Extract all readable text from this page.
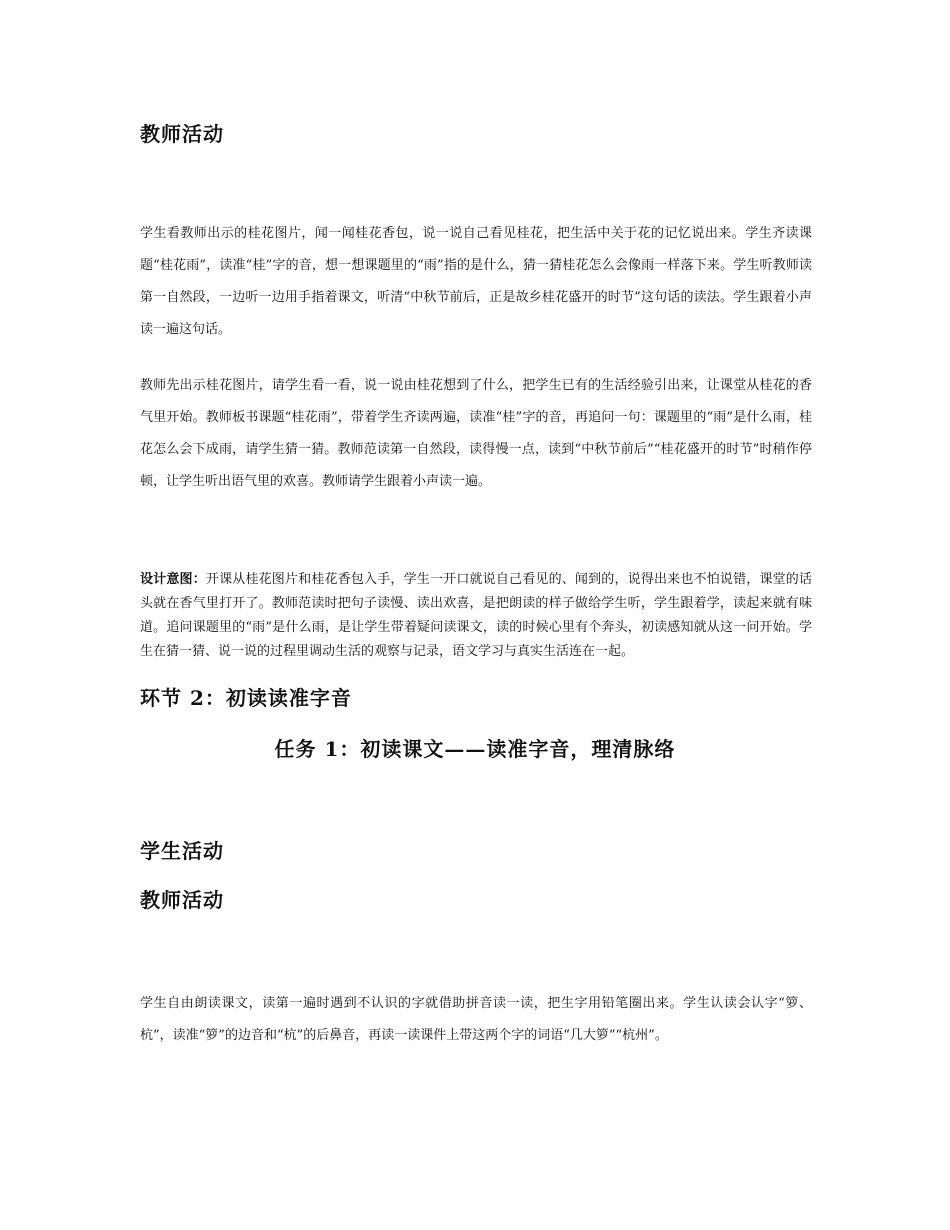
教师活动
学生看教师出示的桂花图片，闻一闻桂花香包，说一说自己看见桂花，把生活中关于花的记忆说出来。学生齐读课题“桂花雨”，读准“桂”字的音，想一想课题里的“雨”指的是什么，猜一猜桂花怎么会像雨一样落下来。学生听教师读第一自然段，一边听一边用手指着课文，听清“中秋节前后，正是故乡桂花盛开的时节”这句话的读法。学生跟着小声读一遍这句话。
教师先出示桂花图片，请学生看一看，说一说由桂花想到了什么，把学生已有的生活经验引出来，让课堂从桂花的香气里开始。教师板书课题“桂花雨”，带着学生齐读两遍，读准“桂”字的音，再追问一句：课题里的“雨”是什么雨，桂花怎么会下成雨，请学生猜一猜。教师范读第一自然段，读得慢一点，读到“中秋节前后”“桂花盛开的时节”时稍作停顿，让学生听出语气里的欢喜。教师请学生跟着小声读一遍。
设计意图：开课从桂花图片和桂花香包入手，学生一开口就说自己看见的、闻到的，说得出来也不怕说错，课堂的话头就在香气里打开了。教师范读时把句子读慢、读出欢喜，是把朗读的样子做给学生听，学生跟着学，读起来就有味道。追问课题里的“雨”是什么雨，是让学生带着疑问读课文，读的时候心里有个奔头，初读感知就从这一问开始。学生在猜一猜、说一说的过程里调动生活的观察与记录，语文学习与真实生活连在一起。
环节 2：初读读准字音
任务 1：初读课文——读准字音，理清脉络
学生活动
教师活动
学生自由朗读课文，读第一遍时遇到不认识的字就借助拼音读一读，把生字用铅笔圈出来。学生认读会认字“箩、杭”，读准“箩”的边音和“杭”的后鼻音，再读一读课件上带这两个字的词语“几大箩”“杭州”。
